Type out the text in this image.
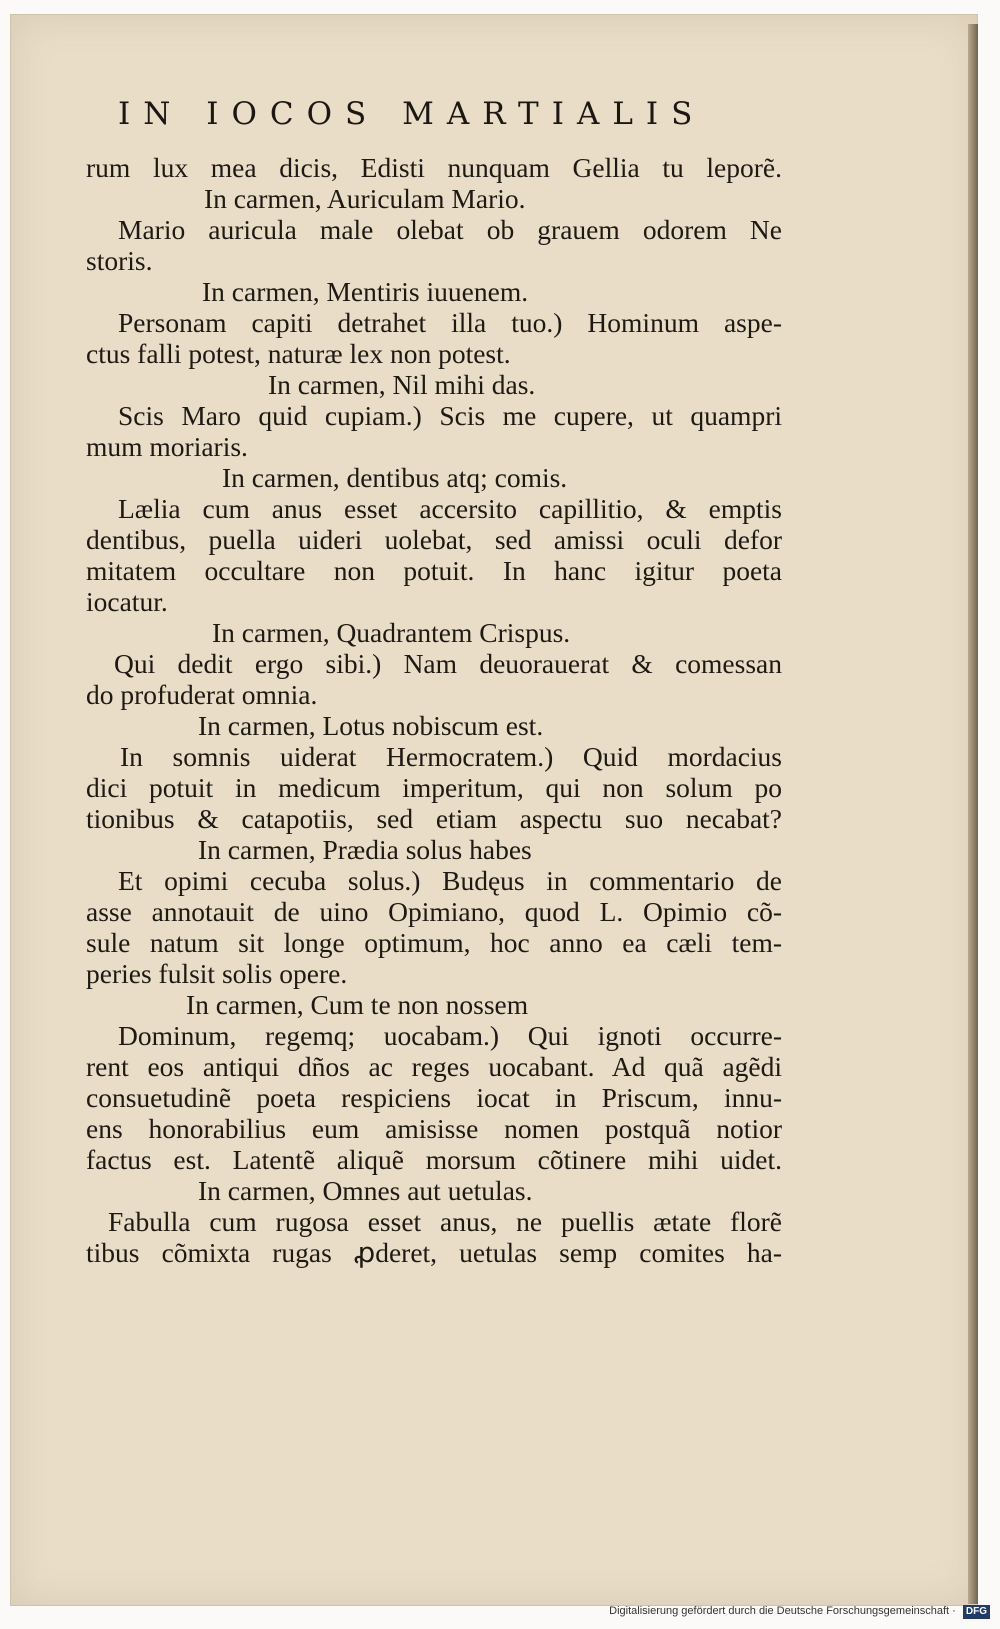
IN IOCOS MARTIALIS
rum lux mea dicis, Edisti nunquam Gellia tu leporẽ.
In carmen, Auriculam Mario.
Mario auricula male olebat ob grauem odorem Ne
storis.
In carmen, Mentiris iuuenem.
Personam capiti detrahet illa tuo.) Hominum aspe-
ctus falli potest, naturæ lex non potest.
In carmen, Nil mihi das.
Scis Maro quid cupiam.) Scis me cupere, ut quampri
mum moriaris.
In carmen, dentibus atq; comis.
Lælia cum anus esset accersito capillitio, & emptis
dentibus, puella uideri uolebat, sed amissi oculi defor
mitatem occultare non potuit. In hanc igitur poeta
iocatur.
In carmen, Quadrantem Crispus.
Qui dedit ergo sibi.) Nam deuorauerat & comessan
do profuderat omnia.
In carmen, Lotus nobiscum est.
In somnis uiderat Hermocratem.) Quid mordacius
dici potuit in medicum imperitum, qui non solum po
tionibus & catapotiis, sed etiam aspectu suo necabat?
In carmen, Prædia solus habes
Et opimi cecuba solus.) Budęus in commentario de
asse annotauit de uino Opimiano, quod L. Opimio cõ-
sule natum sit longe optimum, hoc anno ea cæli tem-
peries fulsit solis opere.
In carmen, Cum te non nossem
Dominum, regemq; uocabam.) Qui ignoti occurre-
rent eos antiqui dños ac reges uocabant. Ad quã agẽdi
consuetudinẽ poeta respiciens iocat in Priscum, innu-
ens honorabilius eum amisisse nomen postquã notior
factus est. Latentẽ aliquẽ morsum cõtinere mihi uidet.
In carmen, Omnes aut uetulas.
Fabulla cum rugosa esset anus, ne puellis ætate florẽ
tibus cõmixta rugas ꝓderet, uetulas semp comites ha-
Digitalisierung gefördert durch die Deutsche Forschungsgemeinschaft · DFG
